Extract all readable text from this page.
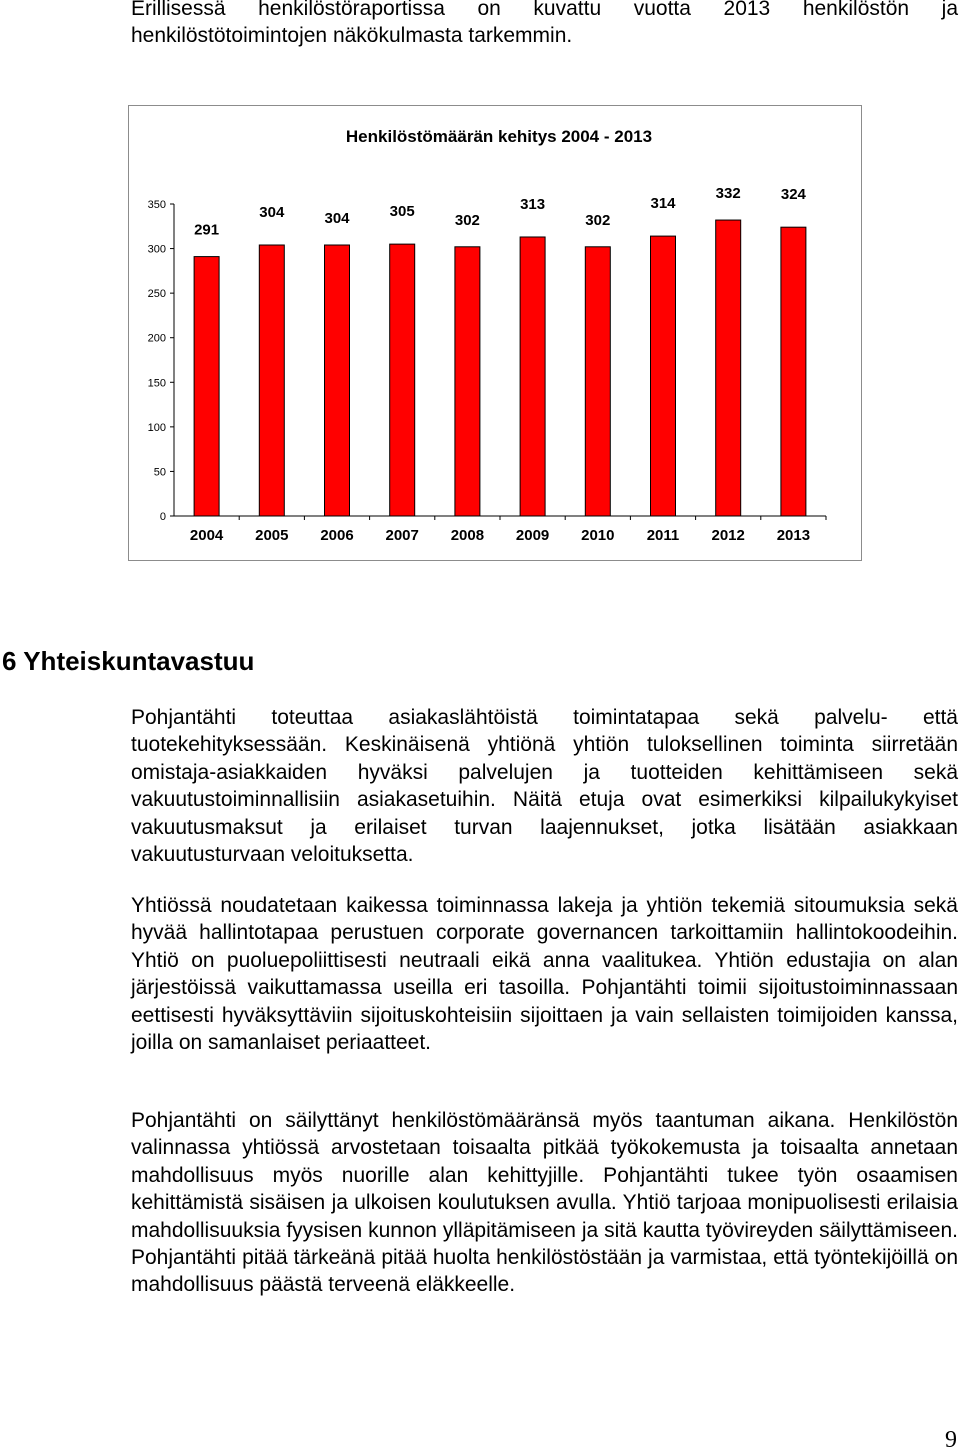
Erillisessä henkilöstöraportissa on kuvattu vuotta 2013 henkilöstön ja henkilöstötoimintojen näkökulmasta tarkemmin.

Henkilöstömäärän kehitys 2004 - 2013
0
50
100
150
200
250
300
350
291
304	304	305
302
313
302
314
332	324
2004 2005 2006 2007 2008 2009 2010 2011 2012 2013
6 Yhteiskuntavastuu

Pohjantähti toteuttaa asiakaslähtöistä toimintatapaa sekä palvelu- että tuotekehityksessään. Keskinäisenä yhtiönä yhtiön tuloksellinen toiminta siirretään omistaja-asiakkaiden hyväksi palvelujen ja tuotteiden kehittämiseen sekä vakuutustoiminnallisiin asiakasetuihin. Näitä etuja ovat esimerkiksi kilpailukykyiset vakuutusmaksut ja erilaiset turvan laajennukset, jotka lisätään asiakkaan vakuutusturvaan veloituksetta.

Yhtiössä noudatetaan kaikessa toiminnassa lakeja ja yhtiön tekemiä sitoumuksia sekä hyvää hallintotapaa perustuen corporate governancen tarkoittamiin hallintokoodeihin. Yhtiö on puoluepoliittisesti neutraali eikä anna vaalitukea. Yhtiön edustajia on alan järjestöissä vaikuttamassa useilla eri tasoilla. Pohjantähti toimii sijoitustoiminnassaan eettisesti hyväksyttäviin sijoituskohteisiin sijoittaen ja vain sellaisten toimijoiden kanssa, joilla on samanlaiset periaatteet.

Pohjantähti on säilyttänyt henkilöstömääränsä myös taantuman aikana. Henkilöstön valinnassa yhtiössä arvostetaan toisaalta pitkää työkokemusta ja toisaalta annetaan mahdollisuus myös nuorille alan kehittyjille. Pohjantähti tukee työn osaamisen kehittämistä sisäisen ja ulkoisen koulutuksen avulla. Yhtiö tarjoaa monipuolisesti erilaisia mahdollisuuksia fyysisen kunnon ylläpitämiseen ja sitä kautta työvireyden säilyttämiseen. Pohjantähti pitää tärkeänä pitää huolta henkilöstöstään ja varmistaa, että työntekijöillä on mahdollisuus päästä terveenä eläkkeelle.

9
